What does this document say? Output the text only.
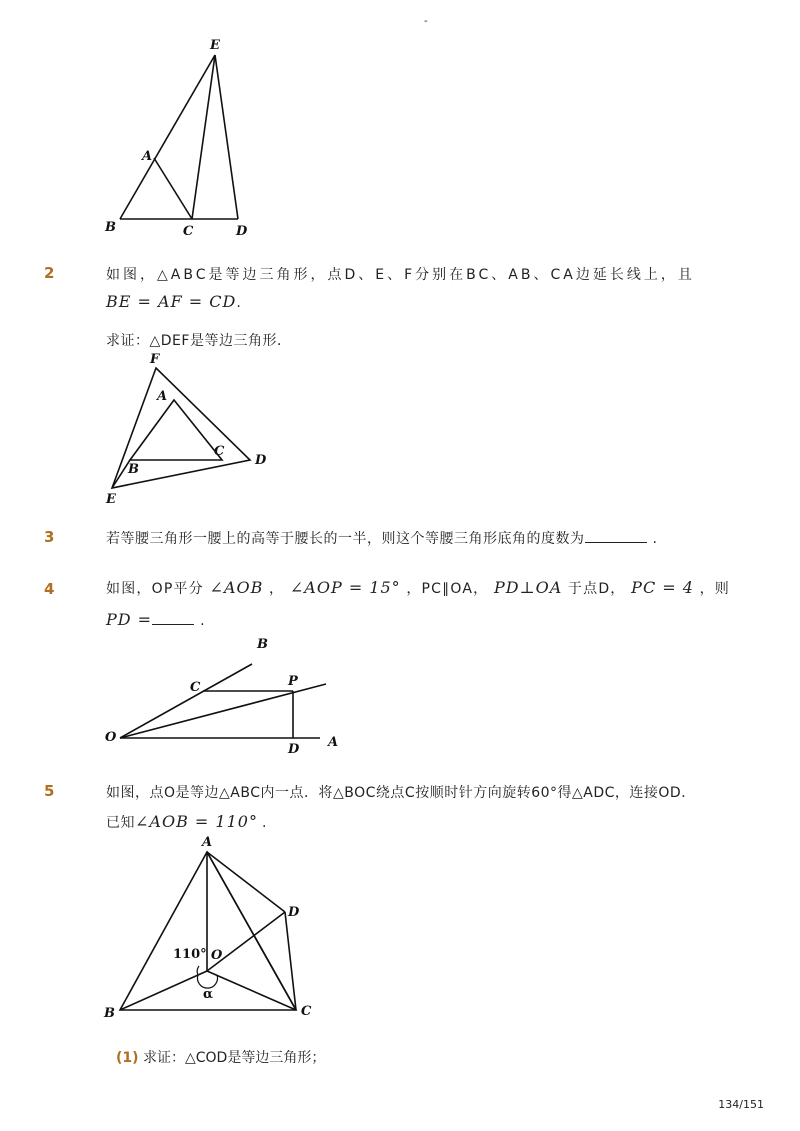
-
E
A
B	C	D
2	如图，△ABC是等边三角形，点D、E、F分别在BC、AB、CA边延长线上，且
BE = AF = CD.
求证：△DEF是等边三角形．
F
A
B
C
D
E
3	若等腰三角形一腰上的高等于腰长的一半，则这个等腰三角形底角的度数为	.
4	如图，OP平分 ∠AOB ， ∠AOP = 15° ，PC∥OA， PD⊥OA 于点D， PC = 4 ，则
PD =	.
B
C	P
O
D A
5	如图，点O是等边△ABC内一点．将△BOC绕点C按顺时针方向旋转60°得△ADC，连接OD．
已知∠AOB = 110° .
A
D
O
110°
α
B	C
(1) 求证：△COD是等边三角形；
134/151
